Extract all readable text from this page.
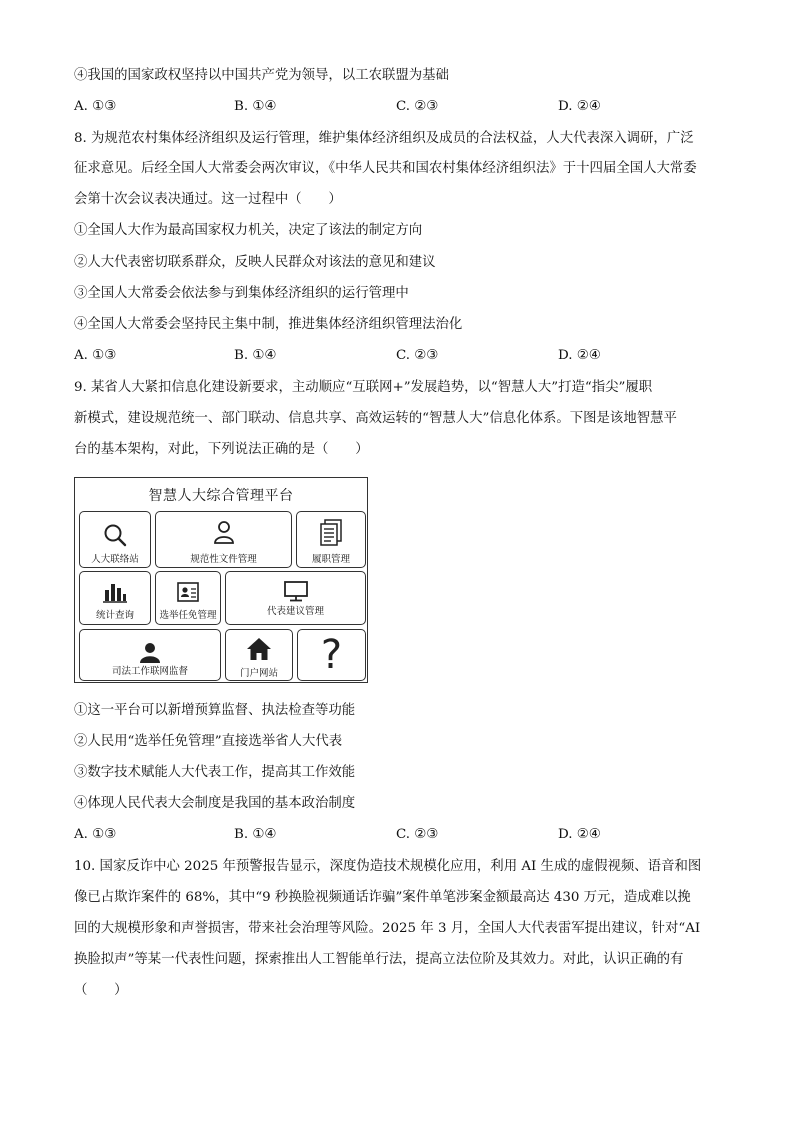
④我国的国家政权坚持以中国共产党为领导，以工农联盟为基础
A. ①③	B. ①④	C. ②③	D. ②④
8. 为规范农村集体经济组织及运行管理，维护集体经济组织及成员的合法权益，人大代表深入调研，广泛
征求意见。后经全国人大常委会两次审议，《中华人民共和国农村集体经济组织法》于十四届全国人大常委
会第十次会议表决通过。这一过程中（　　）
①全国人大作为最高国家权力机关，决定了该法的制定方向
②人大代表密切联系群众，反映人民群众对该法的意见和建议
③全国人大常委会依法参与到集体经济组织的运行管理中
④全国人大常委会坚持民主集中制，推进集体经济组织管理法治化
A. ①③	B. ①④	C. ②③	D. ②④
9. 某省人大紧扣信息化建设新要求，主动顺应“互联网+”发展趋势，以“智慧人大”打造“指尖”履职
新模式，建设规范统一、部门联动、信息共享、高效运转的“智慧人大”信息化体系。下图是该地智慧平
台的基本架构，对此，下列说法正确的是（　　）
智慧人大综合管理平台
人大联络站	规范性文件管理	履职管理
统计查询	选举任免管理	代表建议管理
司法工作联网监督	门户网站	?
①这一平台可以新增预算监督、执法检查等功能
②人民用“选举任免管理”直接选举省人大代表
③数字技术赋能人大代表工作，提高其工作效能
④体现人民代表大会制度是我国的基本政治制度
A. ①③	B. ①④	C. ②③	D. ②④
10. 国家反诈中心 2025 年预警报告显示，深度伪造技术规模化应用，利用 AI 生成的虚假视频、语音和图
像已占欺诈案件的 68%，其中“9 秒换脸视频通话诈骗”案件单笔涉案金额最高达 430 万元，造成难以挽
回的大规模形象和声誉损害，带来社会治理等风险。2025 年 3 月，全国人大代表雷军提出建议，针对“AI
换脸拟声”等某一代表性问题，探索推出人工智能单行法，提高立法位阶及其效力。对此，认识正确的有
（　　）
